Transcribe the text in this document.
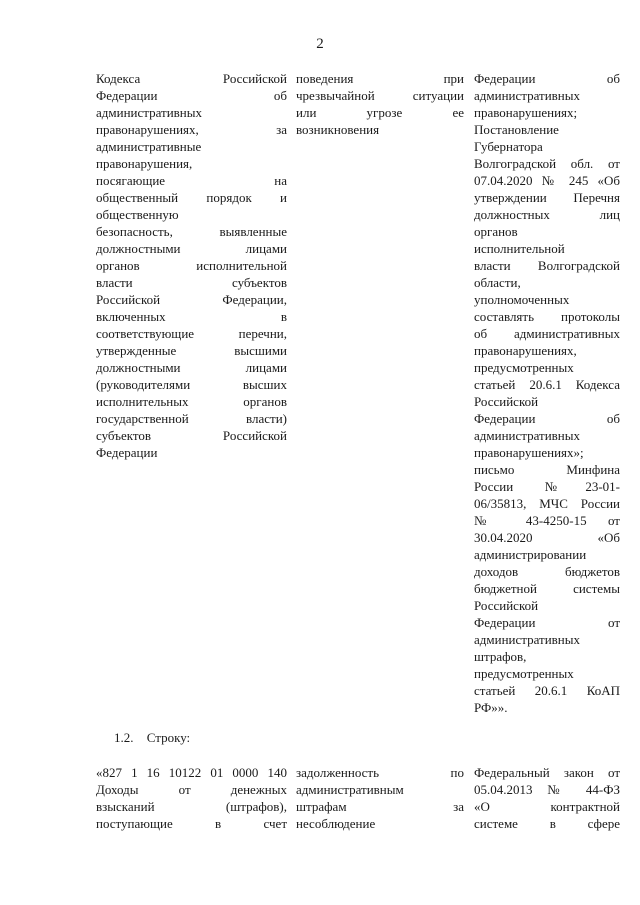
2
Кодекса Российской
Федерации об
административных
правонарушениях, за
административные
правонарушения,
посягающие на
общественный порядок и
общественную
безопасность, выявленные
должностными лицами
органов исполнительной
власти субъектов
Российской Федерации,
включенных в
соответствующие перечни,
утвержденные высшими
должностными лицами
(руководителями высших
исполнительных органов
государственной власти)
субъектов Российской
Федерации
поведения при
чрезвычайной ситуации
или угрозе ее
возникновения
Федерации об
административных
правонарушениях;
Постановление
Губернатора
Волгоградской обл. от
07.04.2020 № 245 «Об
утверждении Перечня
должностных лиц
органов
исполнительной
власти Волгоградской
области,
уполномоченных
составлять протоколы
об административных
правонарушениях,
предусмотренных
статьей 20.6.1 Кодекса
Российской
Федерации об
административных
правонарушениях»;
письмо Минфина
России №23-01-
06/35813, МЧС России
№ 43-4250-15 от
30.04.2020 «Об
администрировании
доходов бюджетов
бюджетной системы
Российской
Федерации от
административных
штрафов,
предусмотренных
статьей 20.6.1 КоАП
РФ»».
1.2. Строку:
«827 1 16 10122 01 0000 140
Доходы от денежных
взысканий (штрафов),
поступающие в счет
задолженность по
административным
штрафам за
несоблюдение
Федеральный закон от
05.04.2013 № 44-ФЗ
«О контрактной
системе в сфере
